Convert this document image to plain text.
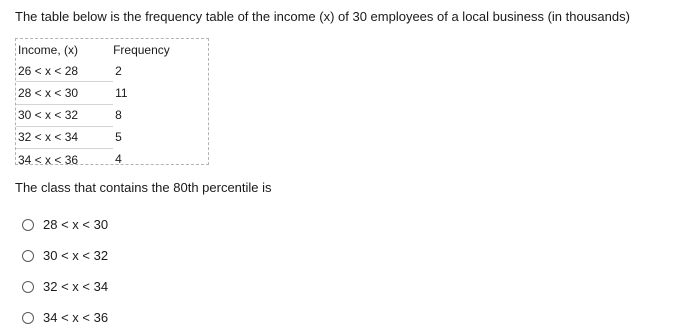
The table below is the frequency table of the income (x) of 30 employees of a local business (in thousands)

Income, (x)	Frequency
26 < x < 28	2
28 < x < 30	11
30 < x < 32	8
32 < x < 34	5
34 < x < 36	4

The class that contains the 80th percentile is

28 < x < 30
30 < x < 32
32 < x < 34
34 < x < 36
